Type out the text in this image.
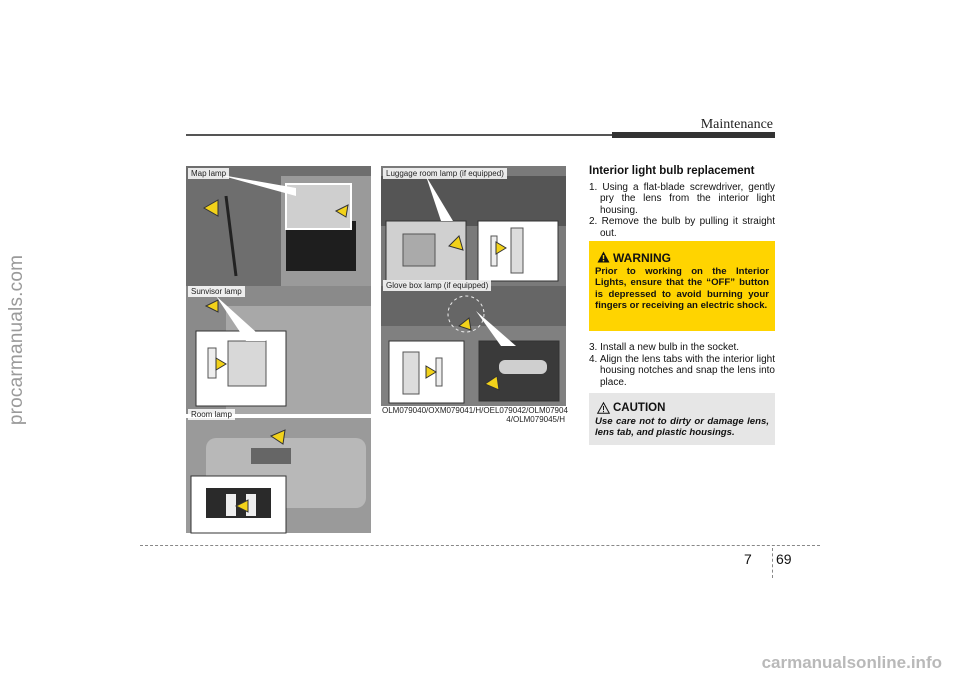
procarmanuals.com
Maintenance
Map lamp
Sunvisor lamp
Room lamp
Luggage room lamp (if equipped)
Glove box lamp (if equipped)
OLM079040/OXM079041/H/OEL079042/OLM07904
4/OLM079045/H
Interior light bulb replacement

1. Using a flat-blade screwdriver, gently pry the lens from the interior light housing.

2. Remove the bulb by pulling it straight out.

WARNING
Prior to working on the Interior Lights, ensure that the “OFF” button is depressed to avoid burning your fingers or receiving an electric shock.

3. Install a new bulb in the socket.

4. Align the lens tabs with the interior light housing notches and snap the lens into place.

CAUTION
Use care not to dirty or damage lens, lens tab, and plastic housings.
7 69
carmanualsonline.info
